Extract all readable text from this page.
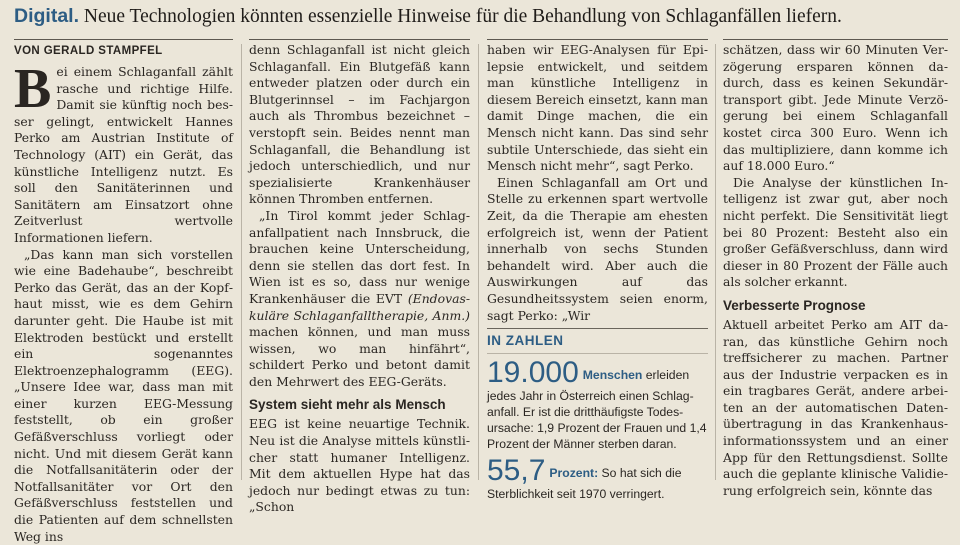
Digital. Neue Technologien könnten essenzielle Hinweise für die Behandlung von Schlaganfällen liefern.
VON GERALD STAMPFEL

Bei einem Schlaganfall zählt rasche und richtige Hilfe. Damit sie künftig noch besser gelingt, entwickelt Hannes Perko am Austrian Institute of Technology (AIT) ein Gerät, das künstliche Intelligenz nutzt. Es soll den Sanitäterinnen und Sanitätern am Einsatzort ohne Zeitverlust wertvolle Informationen liefern.

„Das kann man sich vorstellen wie eine Badehaube“, beschreibt Perko das Gerät, das an der Kopfhaut misst, wie es dem Gehirn darunter geht. Die Haube ist mit Elektroden bestückt und erstellt ein sogenanntes Elektroenzephalogramm (EEG). „Unsere Idee war, dass man mit einer kurzen EEG-Messung feststellt, ob ein großer Gefäßverschluss vorliegt oder nicht. Und mit diesem Gerät kann die Notfallsanitäterin oder der Notfallsanitäter vor Ort den Gefäßverschluss feststellen und die Patienten auf dem schnellsten Weg ins

denn Schlaganfall ist nicht gleich Schlaganfall. Ein Blutgefäß kann entweder platzen oder durch ein Blutgerinnsel – im Fachjargon auch als Thrombus bezeichnet – verstopft sein. Beides nennt man Schlaganfall, die Behandlung ist jedoch unterschiedlich, und nur spezialisierte Krankenhäuser können Thromben entfernen.

„In Tirol kommt jeder Schlaganfallpatient nach Innsbruck, die brauchen keine Unterscheidung, denn sie stellen das dort fest. In Wien ist es so, dass nur wenige Krankenhäuser die EVT (Endovaskuläre Schlaganfalltherapie, Anm.) machen können, und man muss wissen, wo man hinfährt“, schildert Perko und betont damit den Mehrwert des EEG-Geräts.

System sieht mehr als Mensch

EEG ist keine neuartige Technik. Neu ist die Analyse mittels künstlicher statt humaner Intelligenz. Mit dem aktuellen Hype hat das jedoch nur bedingt etwas zu tun: „Schon

haben wir EEG-Analysen für Epilepsie entwickelt, und seitdem man künstliche Intelligenz in diesem Bereich einsetzt, kann man damit Dinge machen, die ein Mensch nicht kann. Das sind sehr subtile Unterschiede, das sieht ein Mensch nicht mehr“, sagt Perko.

Einen Schlaganfall am Ort und Stelle zu erkennen spart wertvolle Zeit, da die Therapie am ehesten erfolgreich ist, wenn der Patient innerhalb von sechs Stunden behandelt wird. Aber auch die Auswirkungen auf das Gesundheitssystem seien enorm, sagt Perko: „Wir

IN ZAHLEN
19.000 Menschen erleiden jedes Jahr in Österreich einen Schlaganfall. Er ist die dritthäufigste Todesursache: 1,9 Prozent der Frauen und 1,4 Prozent der Männer sterben daran.
55,7 Prozent: So hat sich die Sterblichkeit seit 1970 verringert.

schätzen, dass wir 60 Minuten Verzögerung ersparen können dadurch, dass es keinen Sekundärtransport gibt. Jede Minute Verzögerung bei einem Schlaganfall kostet circa 300 Euro. Wenn ich das multipliziere, dann komme ich auf 18.000 Euro.“

Die Analyse der künstlichen Intelligenz ist zwar gut, aber noch nicht perfekt. Die Sensitivität liegt bei 80 Prozent: Besteht also ein großer Gefäßverschluss, dann wird dieser in 80 Prozent der Fälle auch als solcher erkannt.

Verbesserte Prognose

Aktuell arbeitet Perko am AIT daran, das künstliche Gehirn noch treffsicherer zu machen. Partner aus der Industrie verpacken es in ein tragbares Gerät, andere arbeiten an der automatischen Datenübertragung in das Krankenhausinformationssystem und an einer App für den Rettungsdienst. Sollte auch die geplante klinische Validierung erfolgreich sein, könnte das
